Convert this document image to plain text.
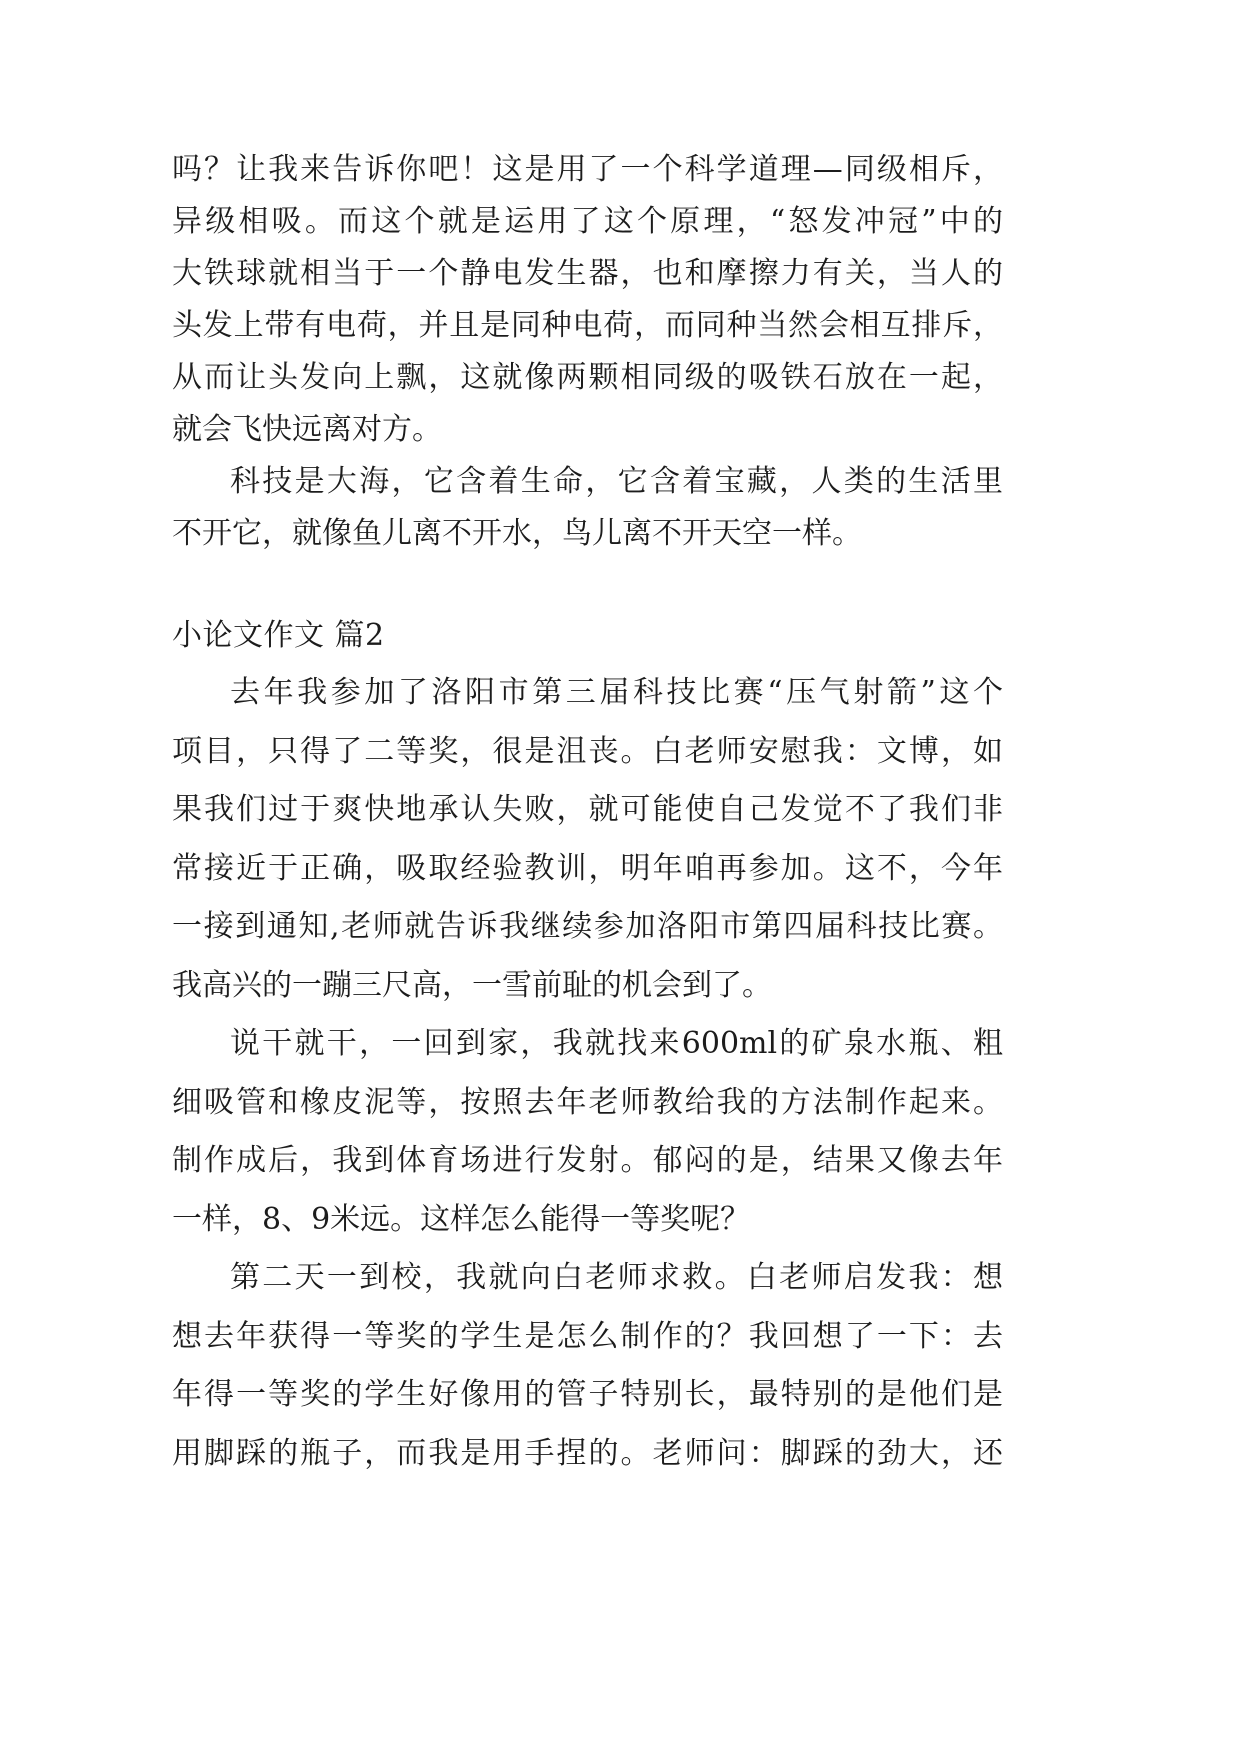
吗？让我来告诉你吧！这是用了一个科学道理—同级相斥，
异级相吸。而这个就是运用了这个原理，“怒发冲冠”中的
大铁球就相当于一个静电发生器，也和摩擦力有关，当人的
头发上带有电荷，并且是同种电荷，而同种当然会相互排斥，
从而让头发向上飘，这就像两颗相同级的吸铁石放在一起，
就会飞快远离对方。
科技是大海，它含着生命，它含着宝藏，人类的生活里
不开它，就像鱼儿离不开水，鸟儿离不开天空一样。
小论文作文 篇2
去年我参加了洛阳市第三届科技比赛“压气射箭”这个
项目，只得了二等奖，很是沮丧。白老师安慰我：文博，如
果我们过于爽快地承认失败，就可能使自己发觉不了我们非
常接近于正确，吸取经验教训，明年咱再参加。这不，今年
一接到通知,老师就告诉我继续参加洛阳市第四届科技比赛。
我高兴的一蹦三尺高，一雪前耻的机会到了。
说干就干，一回到家，我就找来600ml的矿泉水瓶、粗
细吸管和橡皮泥等，按照去年老师教给我的方法制作起来。
制作成后，我到体育场进行发射。郁闷的是，结果又像去年
一样，8、9米远。这样怎么能得一等奖呢？
第二天一到校，我就向白老师求救。白老师启发我：想
想去年获得一等奖的学生是怎么制作的？我回想了一下：去
年得一等奖的学生好像用的管子特别长，最特别的是他们是
用脚踩的瓶子，而我是用手捏的。老师问：脚踩的劲大，还
